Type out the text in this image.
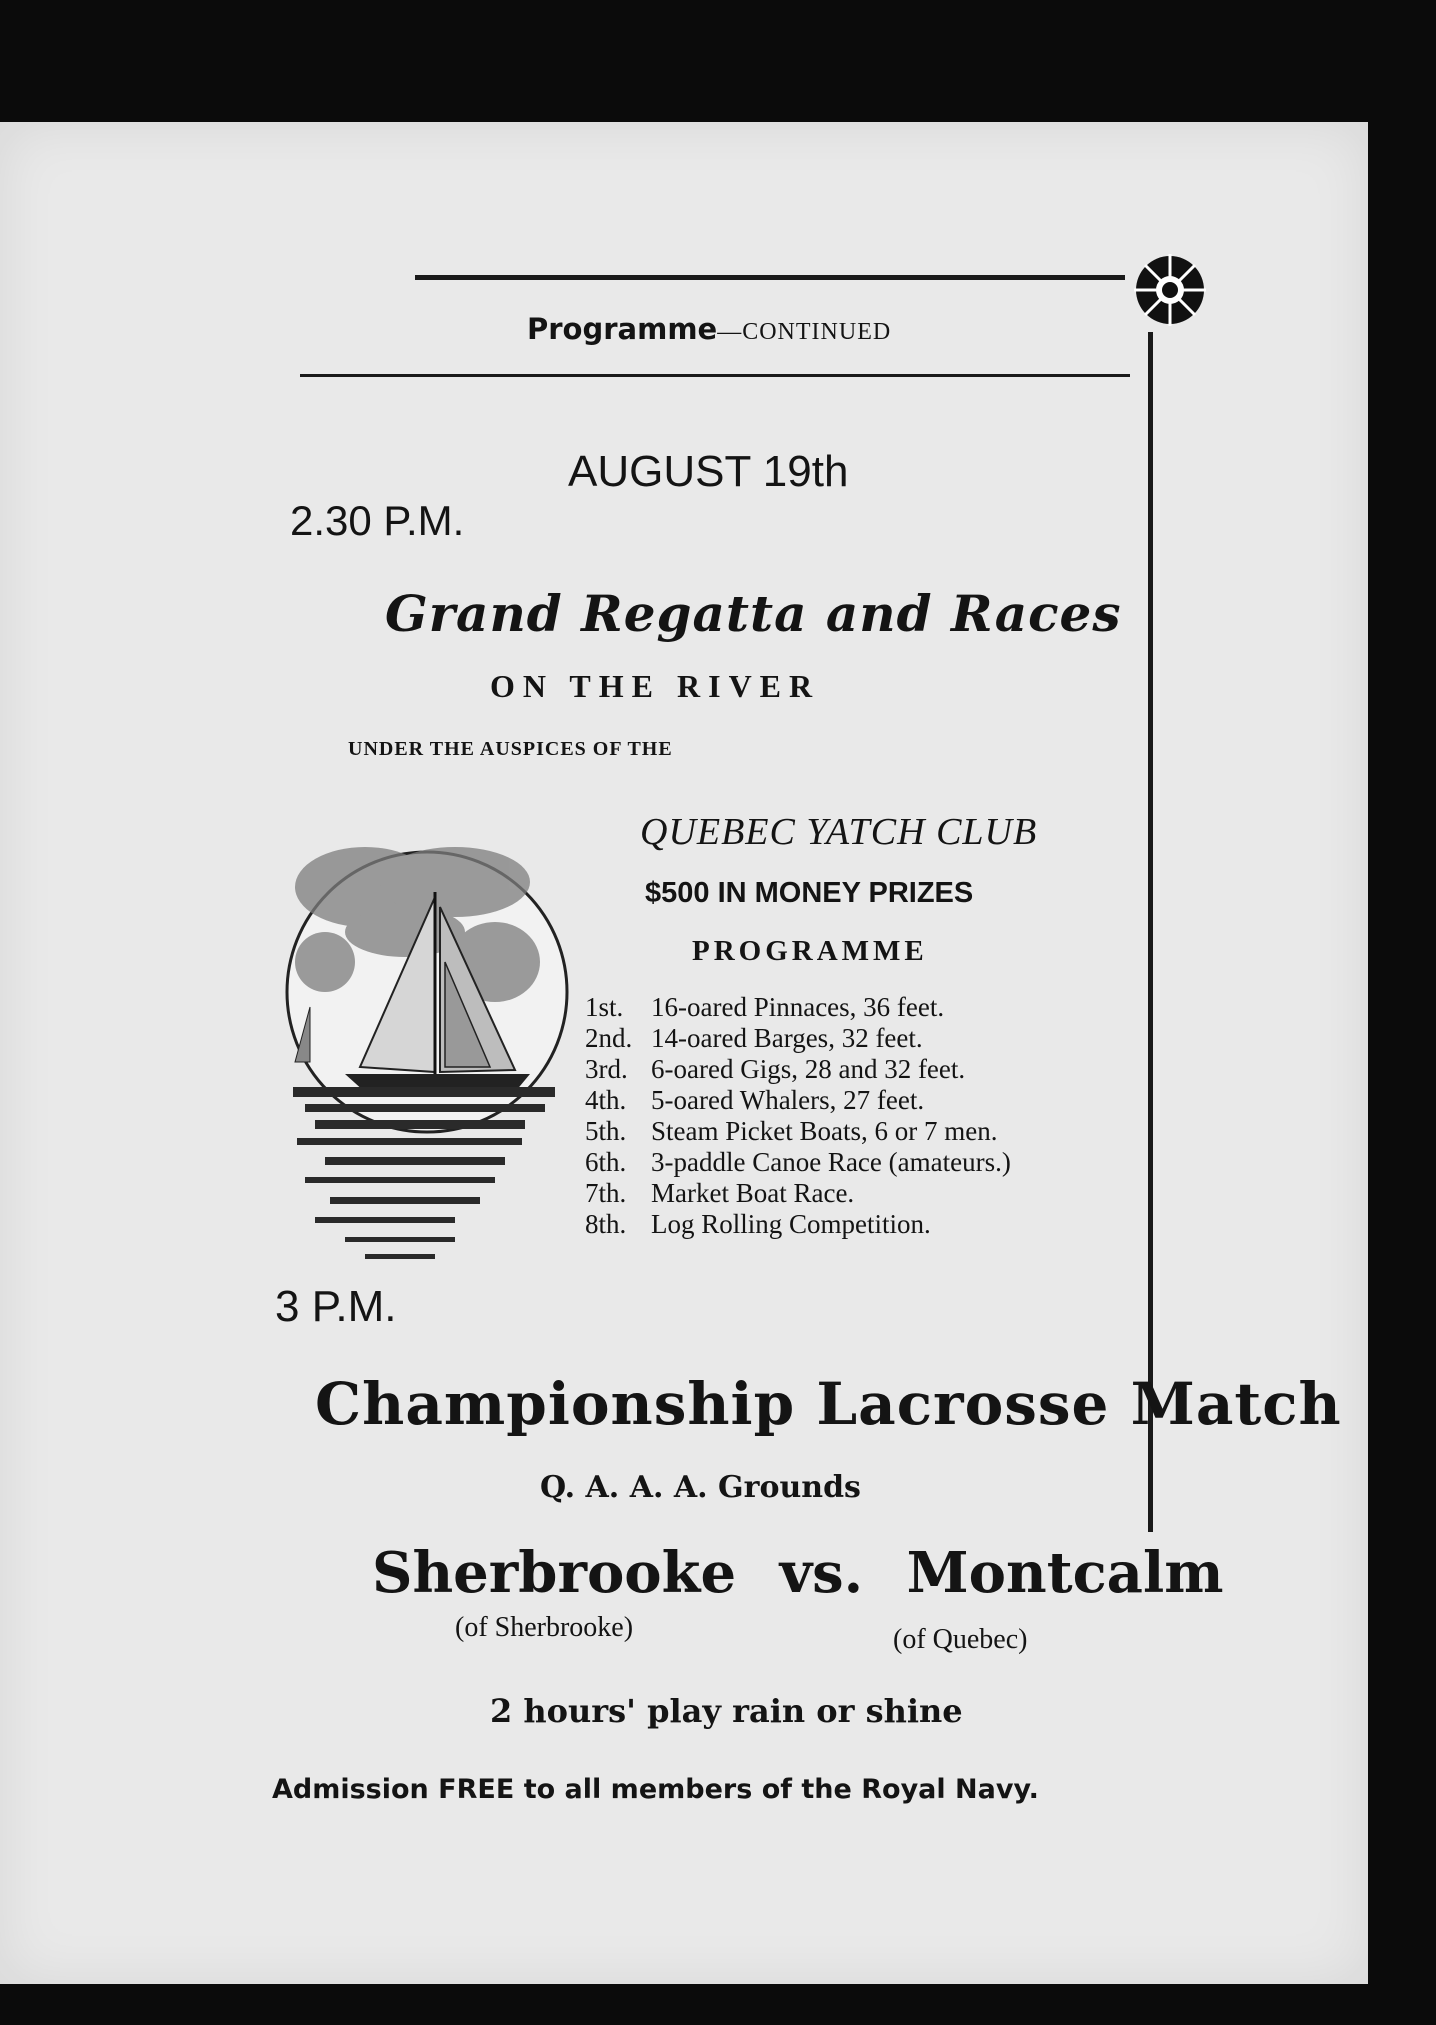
Programme—CONTINUED
AUGUST 19th
2.30 P.M.
Grand Regatta and Races
ON THE RIVER
UNDER THE AUSPICES OF THE
QUEBEC YATCH CLUB
$500 IN MONEY PRIZES
PROGRAMME
1st. 16-oared Pinnaces, 36 feet.
2nd. 14-oared Barges, 32 feet.
3rd. 6-oared Gigs, 28 and 32 feet.
4th. 5-oared Whalers, 27 feet.
5th. Steam Picket Boats, 6 or 7 men.
6th. 3-paddle Canoe Race (amateurs.)
7th. Market Boat Race.
8th. Log Rolling Competition.
3 P.M.
Championship Lacrosse Match
Q. A. A. A. Grounds
Sherbrooke vs. Montcalm
(of Sherbrooke)	(of Quebec)
2 hours' play rain or shine
Admission FREE to all members of the Royal Navy.
